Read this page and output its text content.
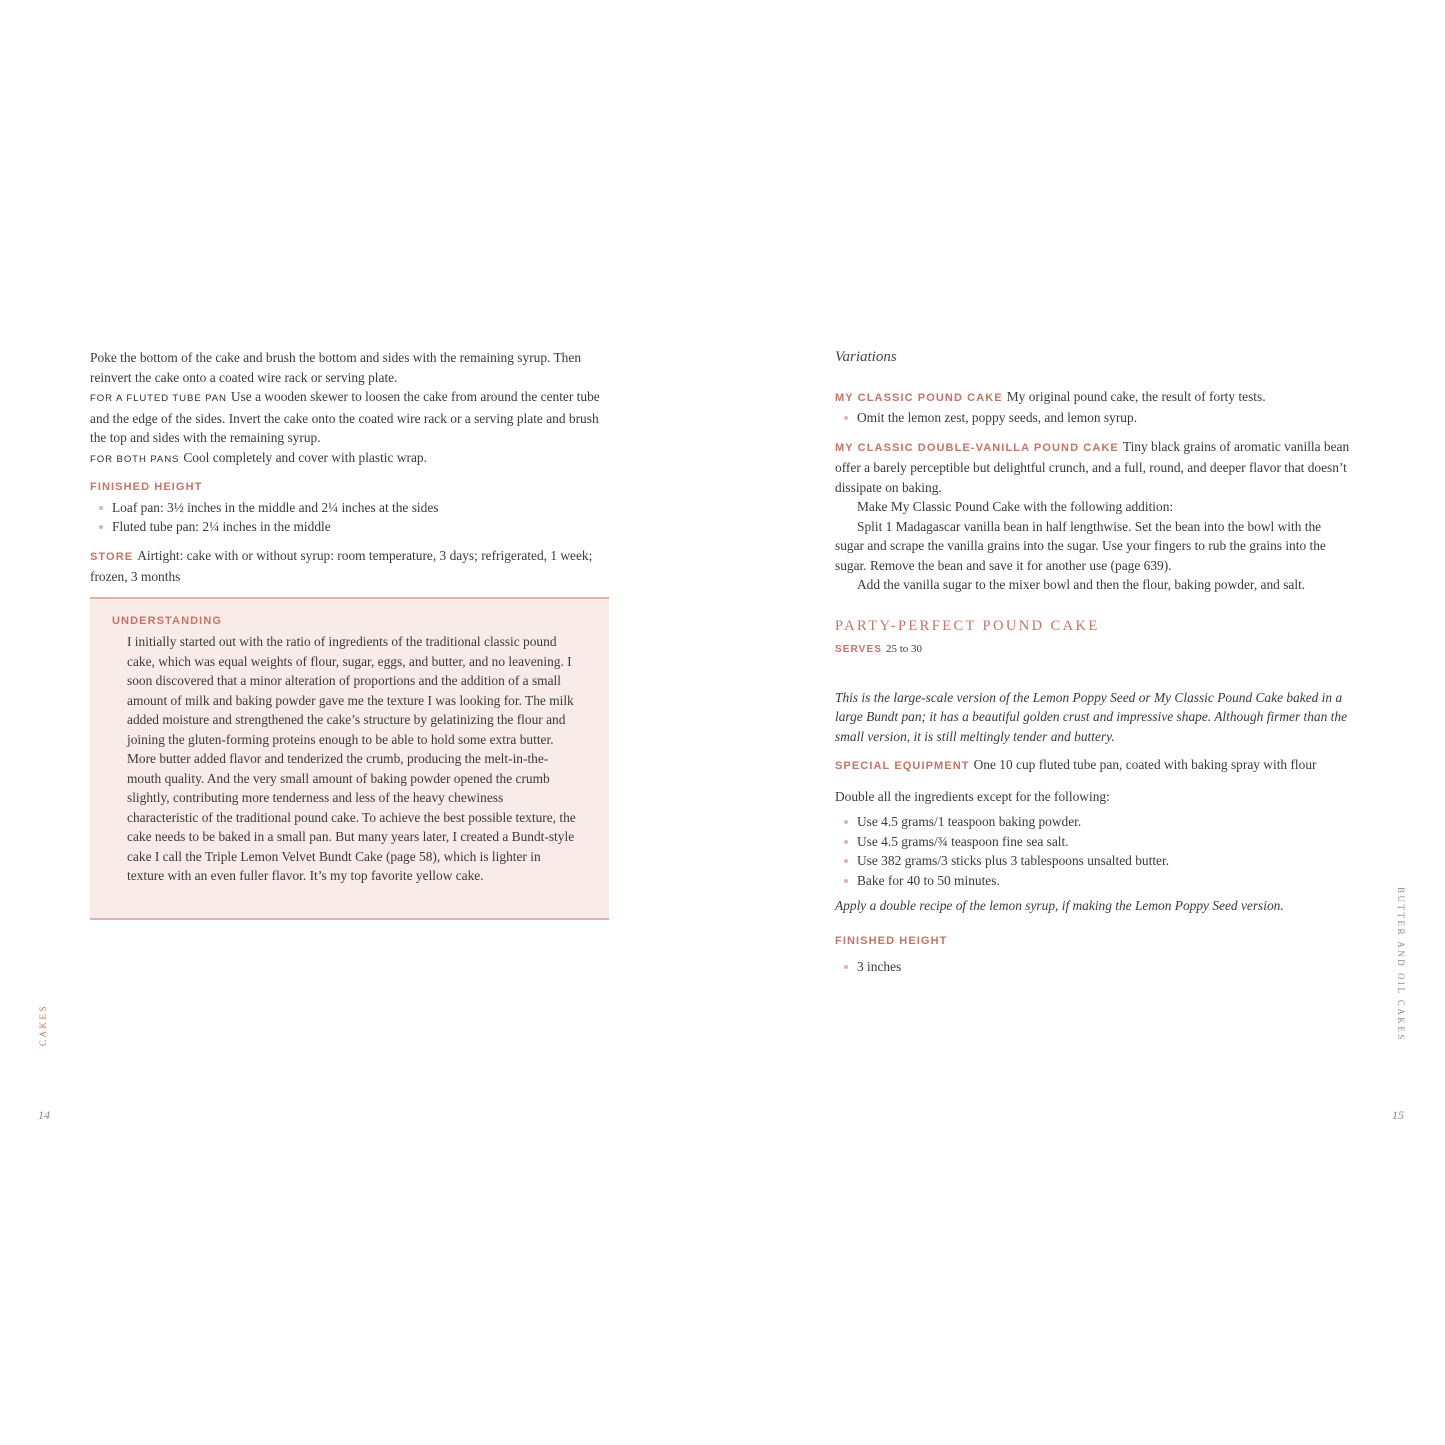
Poke the bottom of the cake and brush the bottom and sides with the remaining syrup. Then reinvert the cake onto a coated wire rack or serving plate.

FOR A FLUTED TUBE PAN Use a wooden skewer to loosen the cake from around the center tube and the edge of the sides. Invert the cake onto the coated wire rack or a serving plate and brush the top and sides with the remaining syrup.

FOR BOTH PANS Cool completely and cover with plastic wrap.

FINISHED HEIGHT
Loaf pan: 3½ inches in the middle and 2¼ inches at the sides
Fluted tube pan: 2¼ inches in the middle

STORE Airtight: cake with or without syrup: room temperature, 3 days; refrigerated, 1 week; frozen, 3 months

UNDERSTANDING

I initially started out with the ratio of ingredients of the traditional classic pound cake, which was equal weights of flour, sugar, eggs, and butter, and no leavening. I soon discovered that a minor alteration of proportions and the addition of a small amount of milk and baking powder gave me the texture I was looking for. The milk added moisture and strengthened the cake’s structure by gelatinizing the flour and joining the gluten-forming proteins enough to be able to hold some extra butter. More butter added flavor and tenderized the crumb, producing the melt-in-the-mouth quality. And the very small amount of baking powder opened the crumb slightly, contributing more tenderness and less of the heavy chewiness characteristic of the traditional pound cake. To achieve the best possible texture, the cake needs to be baked in a small pan. But many years later, I created a Bundt-style cake I call the Triple Lemon Velvet Bundt Cake (page 58), which is lighter in texture with an even fuller flavor. It’s my top favorite yellow cake.

CAKES
14

Variations

MY CLASSIC POUND CAKE My original pound cake, the result of forty tests.

Omit the lemon zest, poppy seeds, and lemon syrup.

MY CLASSIC DOUBLE-VANILLA POUND CAKE Tiny black grains of aromatic vanilla bean offer a barely perceptible but delightful crunch, and a full, round, and deeper flavor that doesn’t dissipate on baking.

Make My Classic Pound Cake with the following addition:

Split 1 Madagascar vanilla bean in half lengthwise. Set the bean into the bowl with the sugar and scrape the vanilla grains into the sugar. Use your fingers to rub the grains into the sugar. Remove the bean and save it for another use (page 639).

Add the vanilla sugar to the mixer bowl and then the flour, baking powder, and salt.

PARTY-PERFECT POUND CAKE

SERVES 25 to 30

This is the large-scale version of the Lemon Poppy Seed or My Classic Pound Cake baked in a large Bundt pan; it has a beautiful golden crust and impressive shape. Although firmer than the small version, it is still meltingly tender and buttery.

SPECIAL EQUIPMENT One 10 cup fluted tube pan, coated with baking spray with flour

Double all the ingredients except for the following:

Use 4.5 grams/1 teaspoon baking powder.
Use 4.5 grams/¾ teaspoon fine sea salt.
Use 382 grams/3 sticks plus 3 tablespoons unsalted butter.
Bake for 40 to 50 minutes.

Apply a double recipe of the lemon syrup, if making the Lemon Poppy Seed version.

FINISHED HEIGHT
3 inches	BUTTER AND OIL CAKES
15
